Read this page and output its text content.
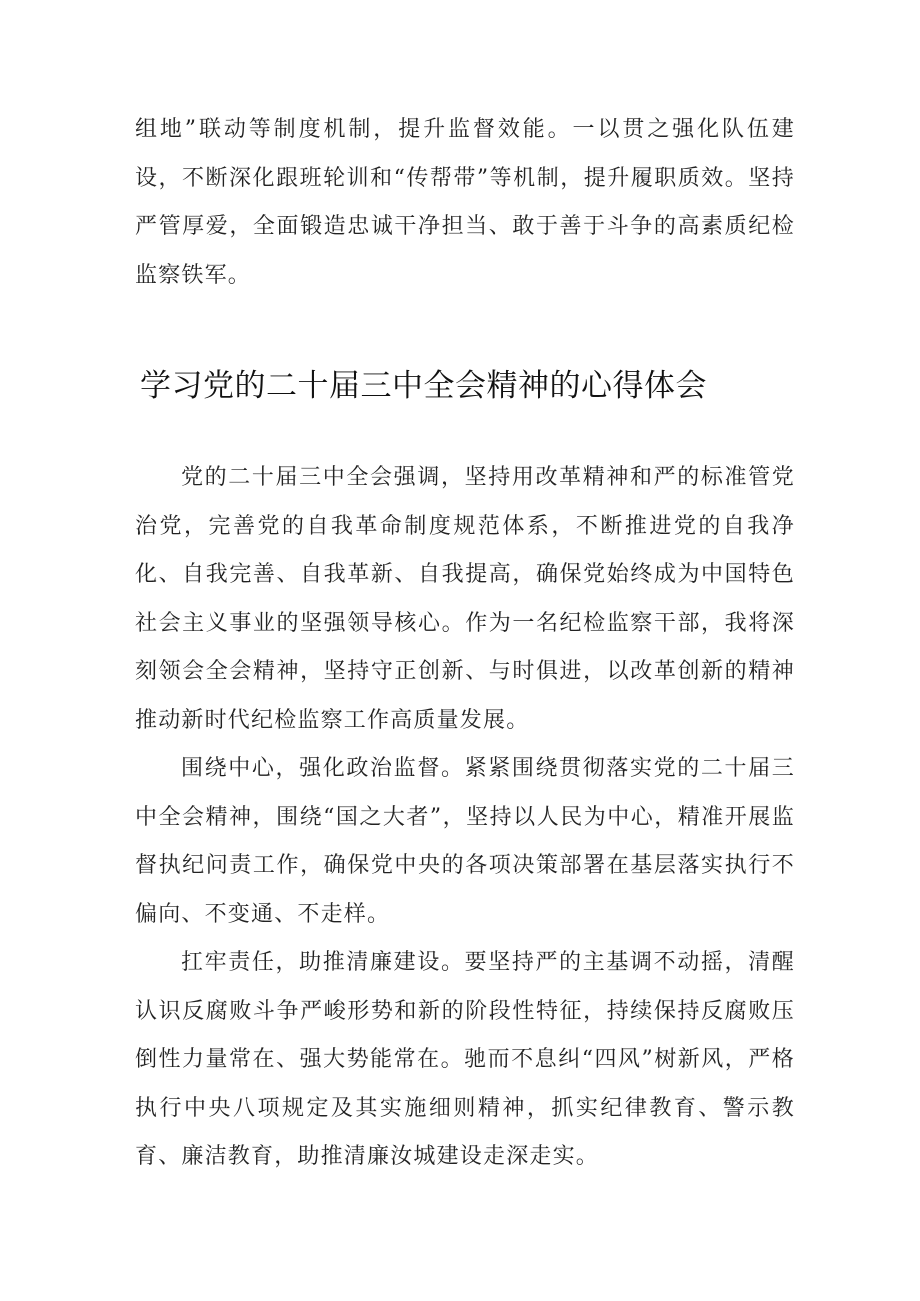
组地”联动等制度机制，提升监督效能。一以贯之强化队伍建设，不断深化跟班轮训和“传帮带”等机制，提升履职质效。坚持严管厚爱，全面锻造忠诚干净担当、敢于善于斗争的高素质纪检监察铁军。

学习党的二十届三中全会精神的心得体会

党的二十届三中全会强调，坚持用改革精神和严的标准管党治党，完善党的自我革命制度规范体系，不断推进党的自我净化、自我完善、自我革新、自我提高，确保党始终成为中国特色社会主义事业的坚强领导核心。作为一名纪检监察干部，我将深刻领会全会精神，坚持守正创新、与时俱进，以改革创新的精神推动新时代纪检监察工作高质量发展。

围绕中心，强化政治监督。紧紧围绕贯彻落实党的二十届三中全会精神，围绕“国之大者”，坚持以人民为中心，精准开展监督执纪问责工作，确保党中央的各项决策部署在基层落实执行不偏向、不变通、不走样。

扛牢责任，助推清廉建设。要坚持严的主基调不动摇，清醒认识反腐败斗争严峻形势和新的阶段性特征，持续保持反腐败压倒性力量常在、强大势能常在。驰而不息纠“四风”树新风，严格执行中央八项规定及其实施细则精神，抓实纪律教育、警示教育、廉洁教育，助推清廉汝城建设走深走实。
